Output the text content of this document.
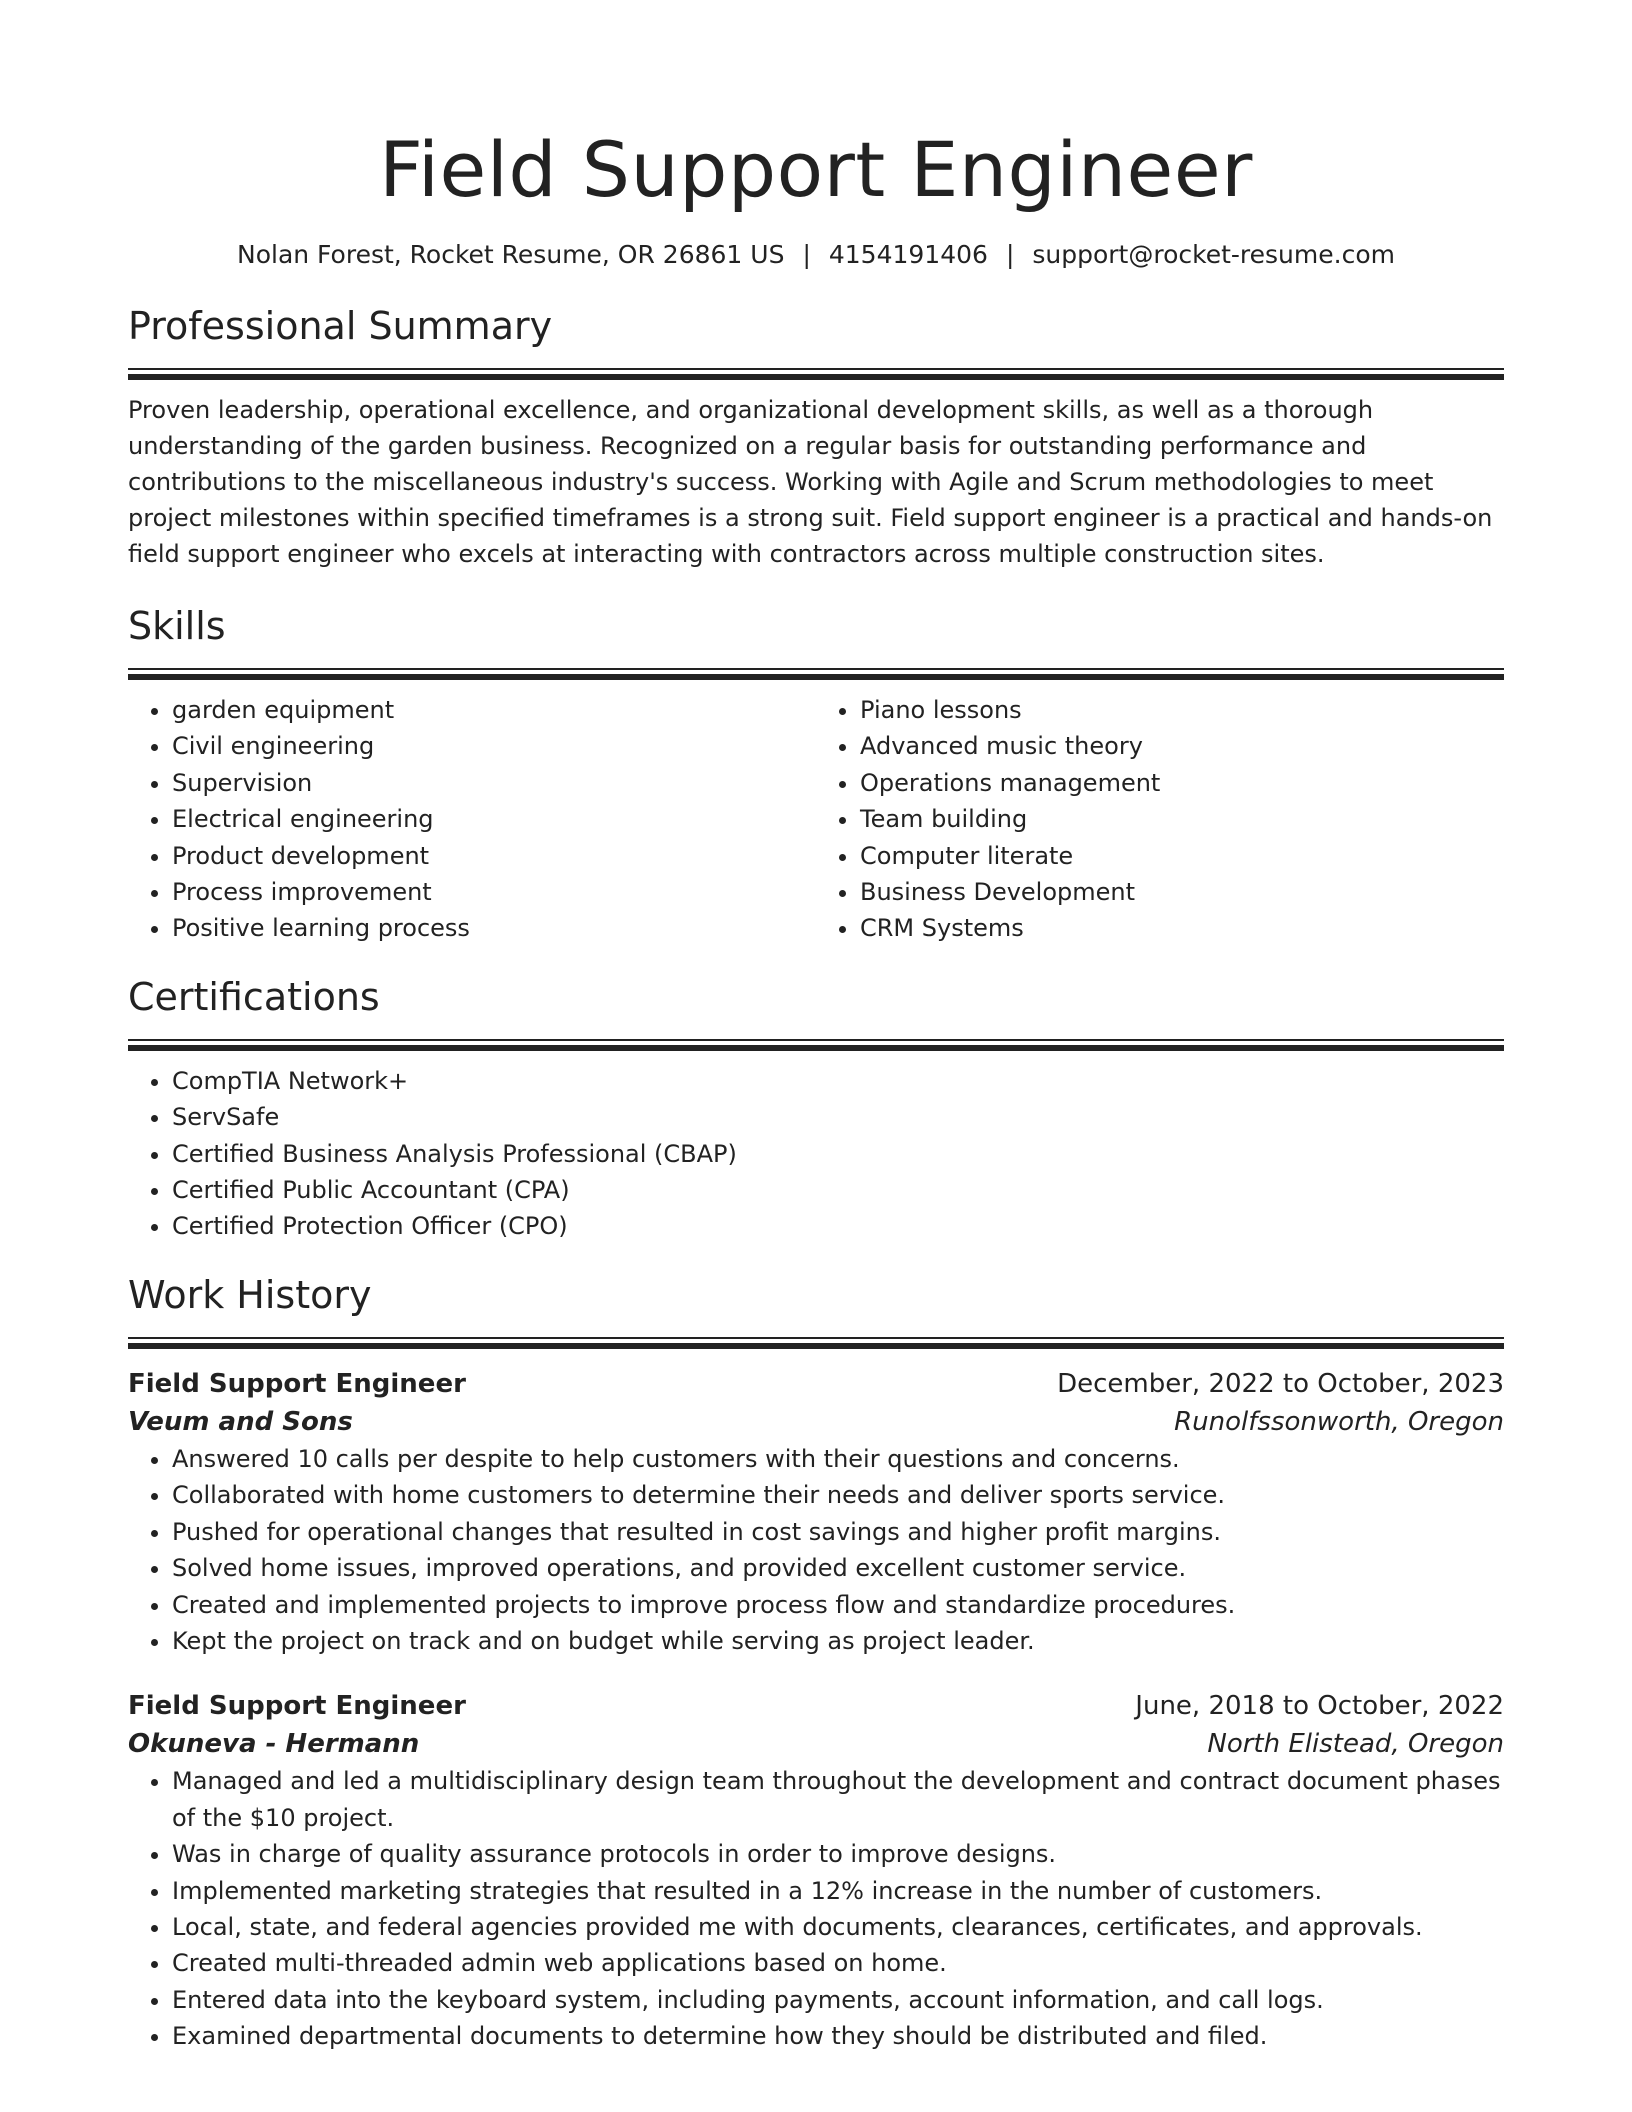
Field Support Engineer
Nolan Forest, Rocket Resume, OR 26861 US | 4154191406 | support@rocket-resume.com
Professional Summary

Proven leadership, operational excellence, and organizational development skills, as well as a thorough understanding of the garden business. Recognized on a regular basis for outstanding performance and contributions to the miscellaneous industry's success. Working with Agile and Scrum methodologies to meet project milestones within specified timeframes is a strong suit. Field support engineer is a practical and hands-on field support engineer who excels at interacting with contractors across multiple construction sites.

Skills
• garden equipment
• Civil engineering
• Supervision
• Electrical engineering
• Product development
• Process improvement
• Positive learning process
• Piano lessons
• Advanced music theory
• Operations management
• Team building
• Computer literate
• Business Development
• CRM Systems
Certifications
• CompTIA Network+
• ServSafe
• Certified Business Analysis Professional (CBAP)
• Certified Public Accountant (CPA)
• Certified Protection Officer (CPO)
Work History
Field Support Engineer	December, 2022 to October, 2023
Veum and Sons	Runolfssonworth, Oregon
• Answered 10 calls per despite to help customers with their questions and concerns.
• Collaborated with home customers to determine their needs and deliver sports service.
• Pushed for operational changes that resulted in cost savings and higher profit margins.
• Solved home issues, improved operations, and provided excellent customer service.
• Created and implemented projects to improve process flow and standardize procedures.
• Kept the project on track and on budget while serving as project leader.
Field Support Engineer	June, 2018 to October, 2022
Okuneva - Hermann	North Elistead, Oregon
• Managed and led a multidisciplinary design team throughout the development and contract document phases of the $10 project.
• Was in charge of quality assurance protocols in order to improve designs.
• Implemented marketing strategies that resulted in a 12% increase in the number of customers.
• Local, state, and federal agencies provided me with documents, clearances, certificates, and approvals.
• Created multi-threaded admin web applications based on home.
• Entered data into the keyboard system, including payments, account information, and call logs.
• Examined departmental documents to determine how they should be distributed and filed.
